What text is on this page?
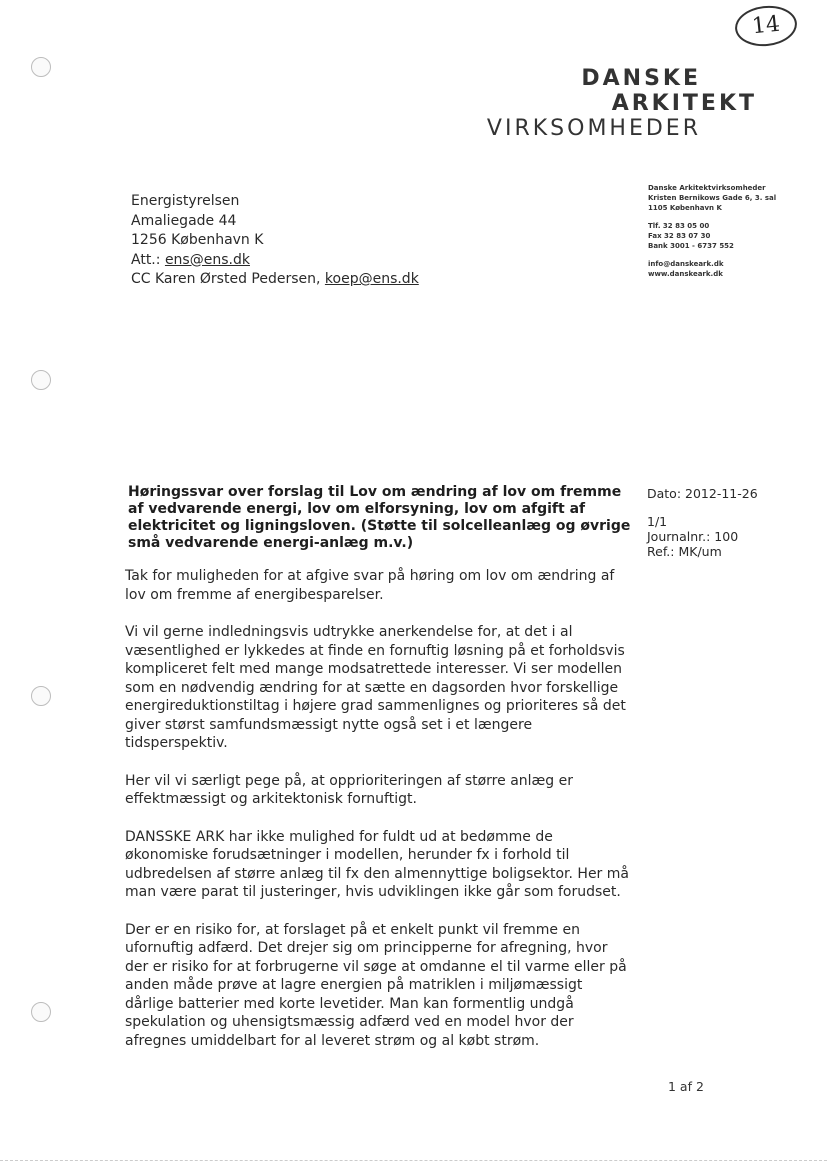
14
DANSKE
ARKITEKT
VIRKSOMHEDER
Energistyrelsen
Amaliegade 44
1256 København K
Att.: ens@ens.dk
CC Karen Ørsted Pedersen, koep@ens.dk
Danske Arkitektvirksomheder
Kristen Bernikows Gade 6, 3. sal
1105 København K
Tlf. 32 83 05 00
Fax 32 83 07 30
Bank 3001 - 6737 552
info@danskeark.dk
www.danskeark.dk
Høringssvar over forslag til Lov om ændring af lov om fremme af vedvarende energi, lov om elforsyning, lov om afgift af elektricitet og ligningsloven. (Støtte til solcelleanlæg og øvrige små vedvarende energi-anlæg m.v.)
Dato: 2012-11-26
1/1
Journalnr.: 100
Ref.: MK/um

Tak for muligheden for at afgive svar på høring om lov om ændring af lov om fremme af energibesparelser.

Vi vil gerne indledningsvis udtrykke anerkendelse for, at det i al væsentlighed er lykkedes at finde en fornuftig løsning på et forholdsvis kompliceret felt med mange modsatrettede interesser. Vi ser modellen som en nødvendig ændring for at sætte en dagsorden hvor forskellige energireduktionstiltag i højere grad sammenlignes og prioriteres så det giver størst samfundsmæssigt nytte også set i et længere tidsperspektiv.

Her vil vi særligt pege på, at opprioriteringen af større anlæg er effektmæssigt og arkitektonisk fornuftigt.

DANSSKE ARK har ikke mulighed for fuldt ud at bedømme de økonomiske forudsætninger i modellen, herunder fx i forhold til udbredelsen af større anlæg til fx den almennyttige boligsektor. Her må man være parat til justeringer, hvis udviklingen ikke går som forudset.

Der er en risiko for, at forslaget på et enkelt punkt vil fremme en ufornuftig adfærd. Det drejer sig om principperne for afregning, hvor der er risiko for at forbrugerne vil søge at omdanne el til varme eller på anden måde prøve at lagre energien på matriklen i miljømæssigt dårlige batterier med korte levetider. Man kan formentlig undgå spekulation og uhensigtsmæssig adfærd ved en model hvor der afregnes umiddelbart for al leveret strøm og al købt strøm.

1 af 2
